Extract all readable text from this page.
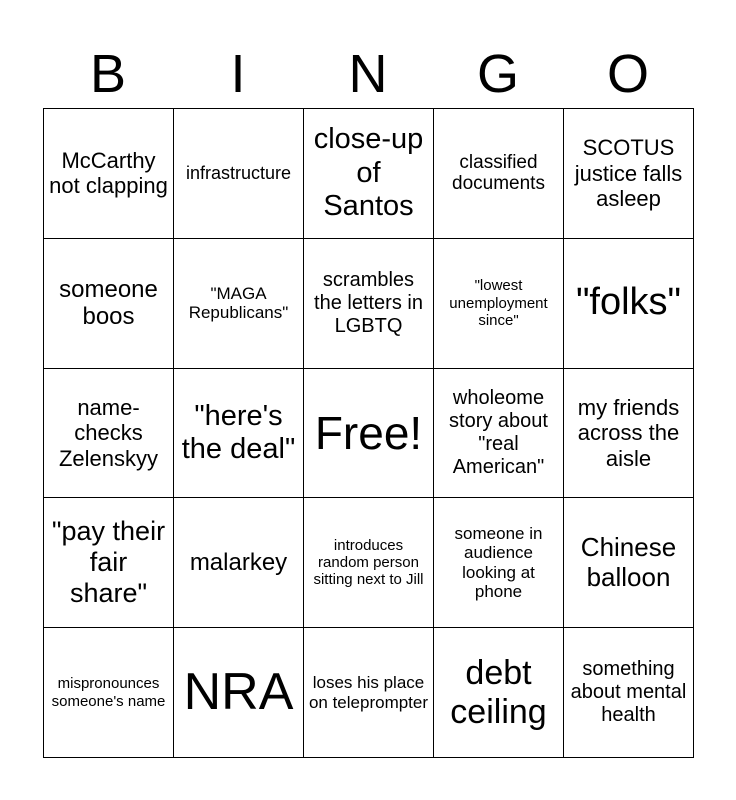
B	I	N	G	O
McCarthy not clapping	infrastructure	close-up of Santos	classified documents	SCOTUS justice falls asleep
someone boos	"MAGA Republicans"	scrambles the letters in LGBTQ	"lowest unemployment since"	"folks"
name-checks Zelenskyy	"here's the deal"	Free!	wholeome story about "real American"	my friends across the aisle
"pay their fair share"	malarkey	introduces random person sitting next to Jill	someone in audience looking at phone	Chinese balloon
mispronounces someone's name	NRA	loses his place on teleprompter	debt ceiling	something about mental health
